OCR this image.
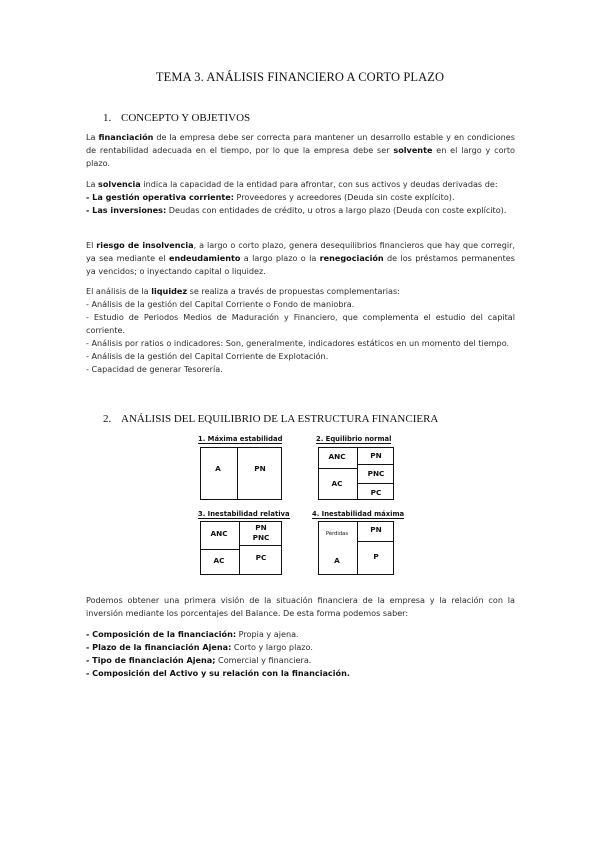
TEMA 3. ANÁLISIS FINANCIERO A CORTO PLAZO
1. CONCEPTO Y OBJETIVOS

La financiación de la empresa debe ser correcta para mantener un desarrollo estable y en condiciones de rentabilidad adecuada en el tiempo, por lo que la empresa debe ser solvente en el largo y corto plazo.

La solvencia indica la capacidad de la entidad para afrontar, con sus activos y deudas derivadas de:

- La gestión operativa corriente: Proveedores y acreedores (Deuda sin coste explícito).

- Las inversiones: Deudas con entidades de crédito, u otros a largo plazo (Deuda con coste explícito).

El riesgo de insolvencia, a largo o corto plazo, genera desequilibrios financieros que hay que corregir, ya sea mediante el endeudamiento a largo plazo o la renegociación de los préstamos permanentes ya vencidos; o inyectando capital o liquidez.

El análisis de la liquidez se realiza a través de propuestas complementarias:

- Análisis de la gestión del Capital Corriente o Fondo de maniobra.

- Estudio de Periodos Medios de Maduración y Financiero, que complementa el estudio del capital corriente.

- Análisis por ratios o indicadores: Son, generalmente, indicadores estáticos en un momento del tiempo.

- Análisis de la gestión del Capital Corriente de Explotación.

- Capacidad de generar Tesorería.

2. ANÁLISIS DEL EQUILIBRIO DE LA ESTRUCTURA FINANCIERA
1. Máxima estabilidad
A	PN
2. Equilibrio normal
ANC
AC
PN
PNC
PC
3. Inestabilidad relativa
ANC
AC
PN
PNC
PC
4. Inestabilidad máxima
Pérdidas
A
PN
P

Podemos obtener una primera visión de la situación financiera de la empresa y la relación con la inversión mediante los porcentajes del Balance. De esta forma podemos saber:

- Composición de la financiación: Propia y ajena.

- Plazo de la financiación Ajena: Corto y largo plazo.

- Tipo de financiación Ajena; Comercial y financiera.

- Composición del Activo y su relación con la financiación.
